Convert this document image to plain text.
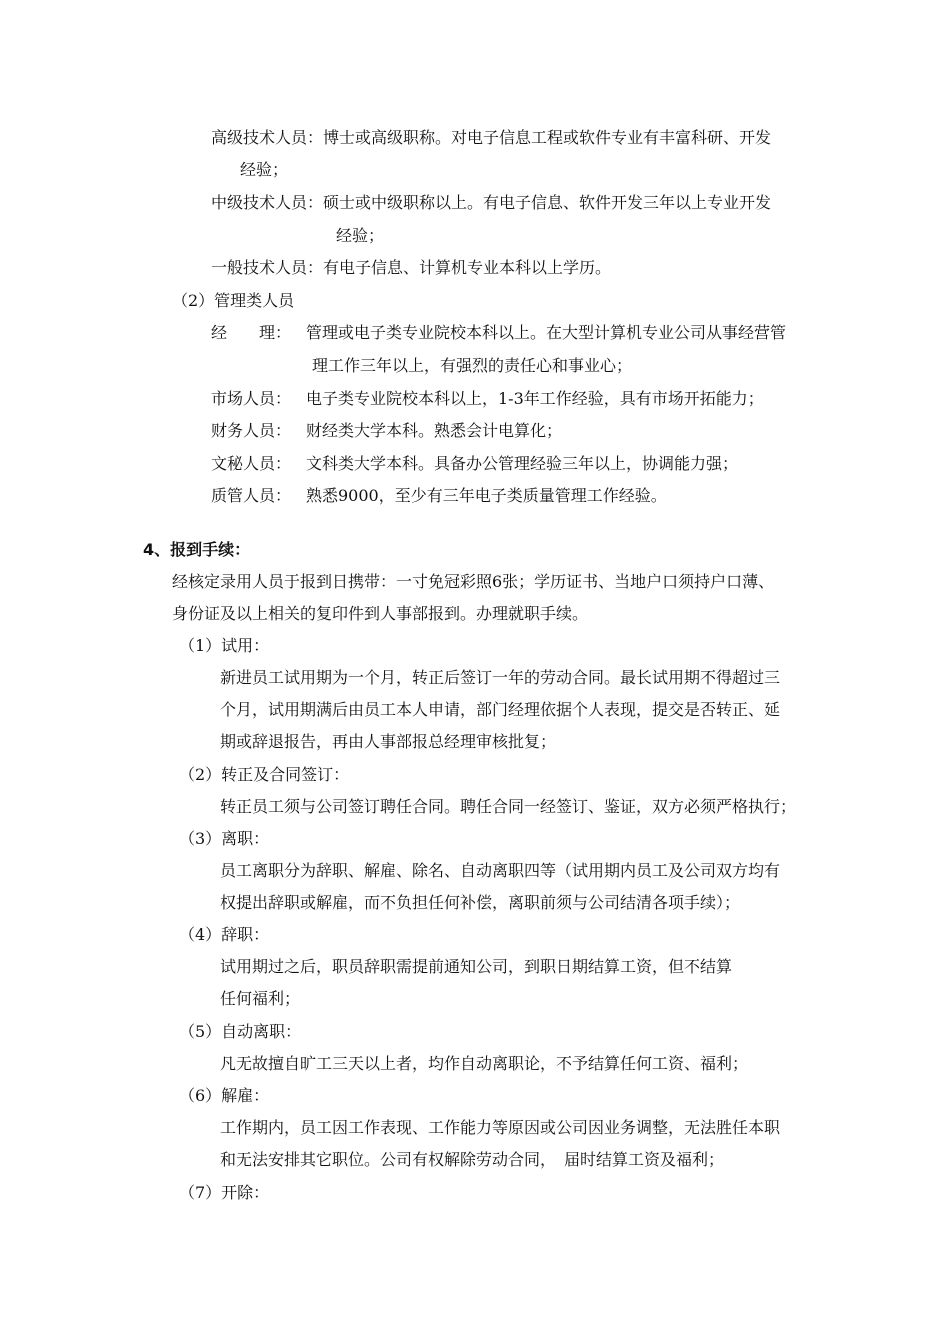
高级技术人员：博士或高级职称。对电子信息工程或软件专业有丰富科研、开发

经验；

中级技术人员：硕士或中级职称以上。有电子信息、软件开发三年以上专业开发

经验；

一般技术人员：有电子信息、计算机专业本科以上学历。

（2）管理类人员

经　　理： 管理或电子类专业院校本科以上。在大型计算机专业公司从事经营管

理工作三年以上，有强烈的责任心和事业心；

市场人员： 电子类专业院校本科以上，1-3年工作经验，具有市场开拓能力；

财务人员： 财经类大学本科。熟悉会计电算化；

文秘人员： 文科类大学本科。具备办公管理经验三年以上，协调能力强；

质管人员： 熟悉9000，至少有三年电子类质量管理工作经验。

4、报到手续：

经核定录用人员于报到日携带：一寸免冠彩照6张；学历证书、当地户口须持户口薄、

身份证及以上相关的复印件到人事部报到。办理就职手续。

（1）试用：

新进员工试用期为一个月，转正后签订一年的劳动合同。最长试用期不得超过三

个月，试用期满后由员工本人申请，部门经理依据个人表现，提交是否转正、延

期或辞退报告，再由人事部报总经理审核批复；

（2）转正及合同签订：

转正员工须与公司签订聘任合同。聘任合同一经签订、鉴证，双方必须严格执行；

（3）离职：

员工离职分为辞职、解雇、除名、自动离职四等（试用期内员工及公司双方均有

权提出辞职或解雇，而不负担任何补偿，离职前须与公司结清各项手续）；

（4）辞职：

试用期过之后，职员辞职需提前通知公司，到职日期结算工资，但不结算

任何福利；

（5）自动离职：

凡无故擅自旷工三天以上者，均作自动离职论，不予结算任何工资、福利；

（6）解雇：

工作期内，员工因工作表现、工作能力等原因或公司因业务调整，无法胜任本职

和无法安排其它职位。公司有权解除劳动合同，　届时结算工资及福利；

（7）开除：
